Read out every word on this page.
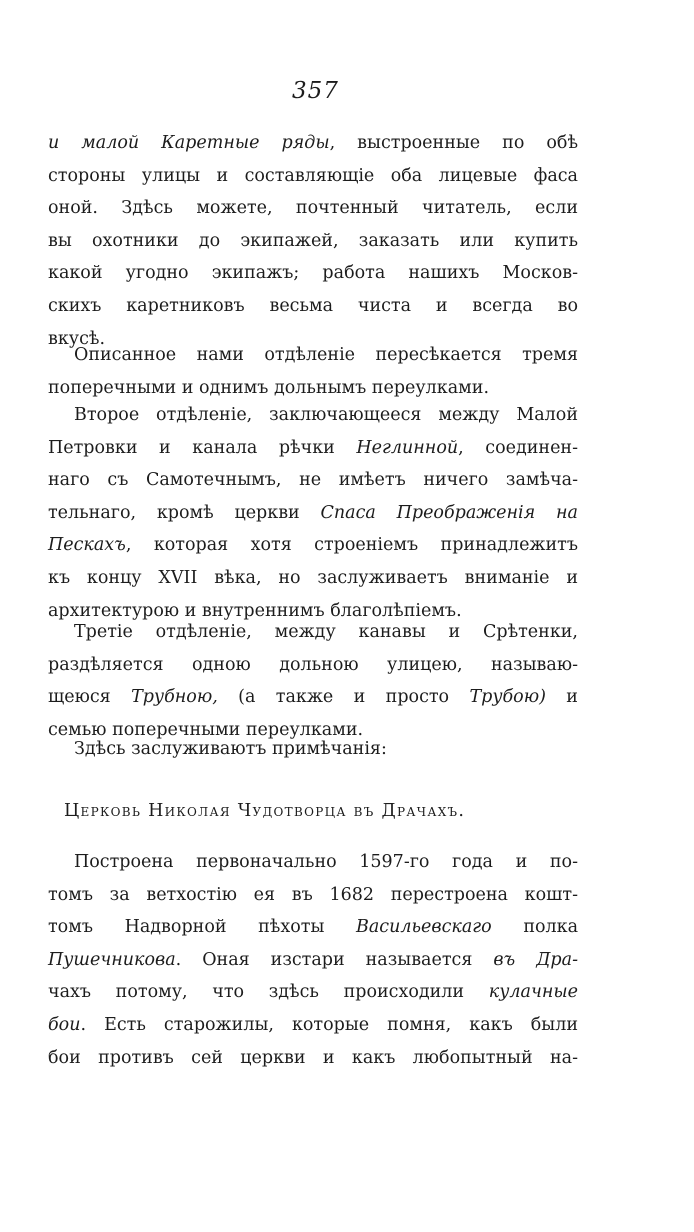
357
и малой Каретные ряды, выстроенные по обѣ
стороны улицы и составляющіе оба лицевые фаса
оной. Здѣсь можете, почтенный читатель, если
вы охотники до экипажей, заказать или купить
какой угодно экипажъ; работа нашихъ Москов-
скихъ каретниковъ весьма чиста и всегда во
вкусѣ.
Описанное нами отдѣленіе пересѣкается тремя
поперечными и однимъ дольнымъ переулками.
Второе отдѣленіе, заключающееся между Малой
Петровки и канала рѣчки Неглинной, соединен-
наго съ Самотечнымъ, не имѣетъ ничего замѣча-
тельнаго, кромѣ церкви Спаса Преображенія на
Пескахъ, которая хотя строеніемъ принадлежитъ
къ концу XVII вѣка, но заслуживаетъ вниманіе и
архитектурою и внутреннимъ благолѣпіемъ.
Третіе отдѣленіе, между канавы и Срѣтенки,
раздѣляется одною дольною улицею, называю-
щеюся Трубною, (а также и просто Трубою) и
семью поперечными переулками.
Здѣсь заслуживаютъ примѣчанія:
Церковь Николая Чудотворца въ Драчахъ.
Построена первоначально 1597-го года и по-
томъ за ветхостію ея въ 1682 перестроена кошт-
томъ Надворной пѣхоты Васильевскаго полка
Пушечникова. Оная изстари называется въ Дра-
чахъ потому, что здѣсь происходили кулачные
бои. Есть старожилы, которые помня, какъ были
бои противъ сей церкви и какъ любопытный на-
